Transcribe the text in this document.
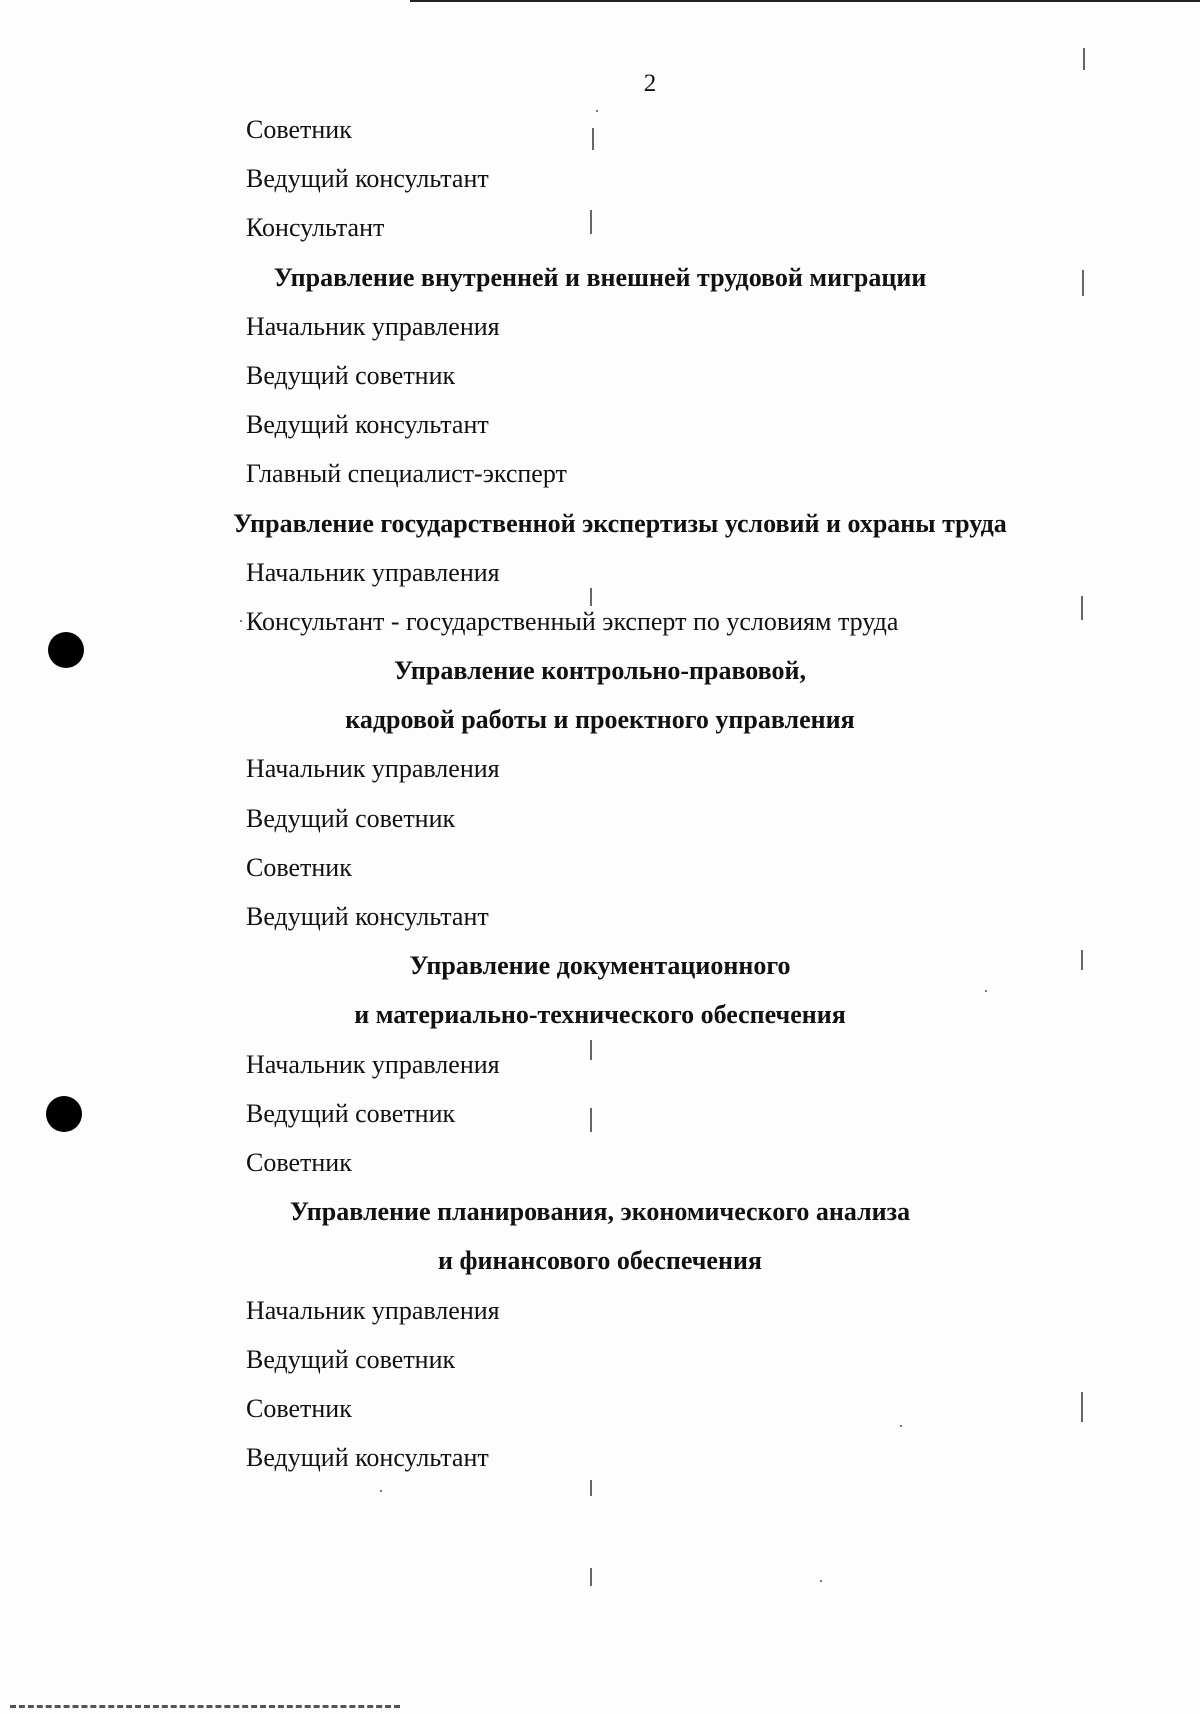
2
Советник
Ведущий консультант
Консультант
Управление внутренней и внешней трудовой миграции
Начальник управления
Ведущий советник
Ведущий консультант
Главный специалист-эксперт
Управление государственной экспертизы условий и охраны труда
Начальник управления
Консультант - государственный эксперт по условиям труда
Управление контрольно-правовой,
кадровой работы и проектного управления
Начальник управления
Ведущий советник
Советник
Ведущий консультант
Управление документационного
и материально-технического обеспечения
Начальник управления
Ведущий советник
Советник
Управление планирования, экономического анализа
и финансового обеспечения
Начальник управления
Ведущий советник
Советник
Ведущий консультант
